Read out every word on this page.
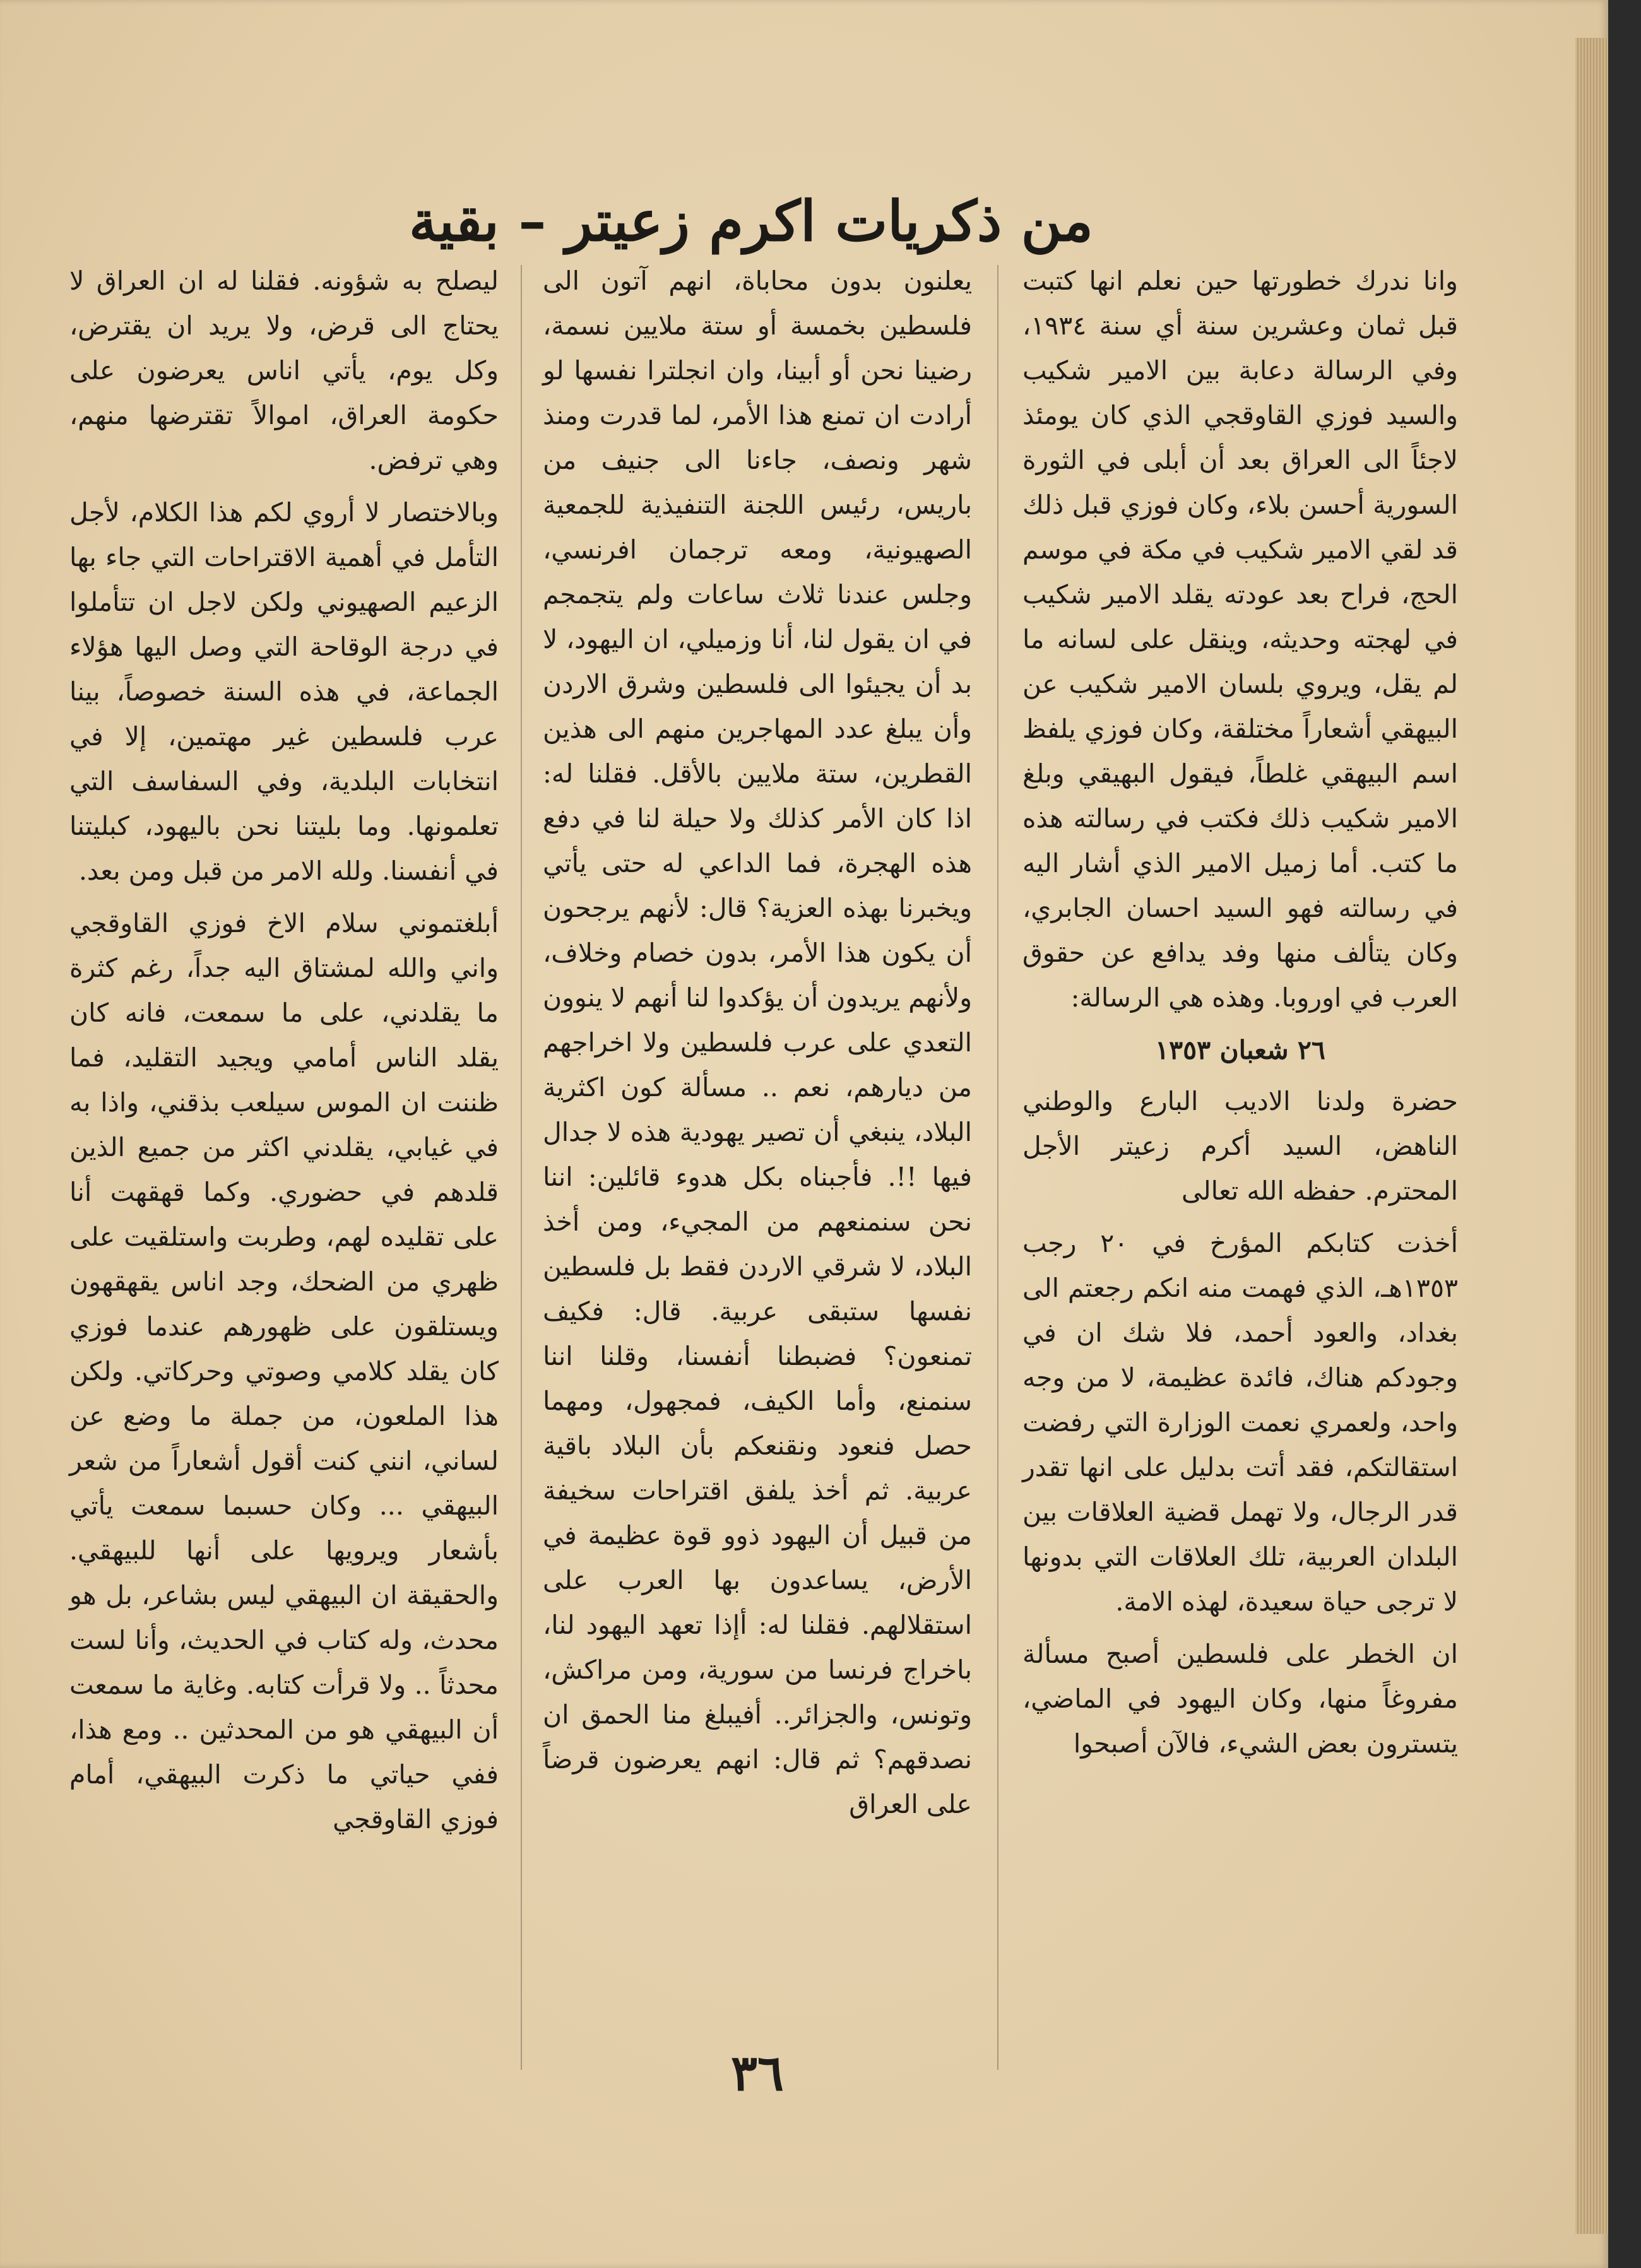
من ذكريات اكرم زعيتر – بقية

وانا ندرك خطورتها حين نعلم انها كتبت قبل ثمان وعشرين سنة أي سنة ١٩٣٤، وفي الرسالة دعابة بين الامير شكيب والسيد فوزي القاوقجي الذي كان يومئذ لاجئاً الى العراق بعد أن أبلى في الثورة السورية أحسن بلاء، وكان فوزي قبل ذلك قد لقي الامير شكيب في مكة في موسم الحج، فراح بعد عودته يقلد الامير شكيب في لهجته وحديثه، وينقل على لسانه ما لم يقل، ويروي بلسان الامير شكيب عن البيهقي أشعاراً مختلقة، وكان فوزي يلفظ اسم البيهقي غلطاً، فيقول البهيقي وبلغ الامير شكيب ذلك فكتب في رسالته هذه ما كتب. أما زميل الامير الذي أشار اليه في رسالته فهو السيد احسان الجابري، وكان يتألف منها وفد يدافع عن حقوق العرب في اوروبا. وهذه هي الرسالة:

٢٦ شعبان ١٣٥٣

حضرة ولدنا الاديب البارع والوطني الناهض، السيد أكرم زعيتر الأجل المحترم. حفظه الله تعالى

أخذت كتابكم المؤرخ في ٢٠ رجب ١٣٥٣هـ، الذي فهمت منه انكم رجعتم الى بغداد، والعود أحمد، فلا شك ان في وجودكم هناك، فائدة عظيمة، لا من وجه واحد، ولعمري نعمت الوزارة التي رفضت استقالتكم، فقد أتت بدليل على انها تقدر قدر الرجال، ولا تهمل قضية العلاقات بين البلدان العربية، تلك العلاقات التي بدونها لا ترجى حياة سعيدة، لهذه الامة.

ان الخطر على فلسطين أصبح مسألة مفروغاً منها، وكان اليهود في الماضي، يتسترون بعض الشيء، فالآن أصبحوا

يعلنون بدون محاباة، انهم آتون الى فلسطين بخمسة أو ستة ملايين نسمة، رضينا نحن أو أبينا، وان انجلترا نفسها لو أرادت ان تمنع هذا الأمر، لما قدرت ومنذ شهر ونصف، جاءنا الى جنيف من باريس، رئيس اللجنة التنفيذية للجمعية الصهيونية، ومعه ترجمان افرنسي، وجلس عندنا ثلاث ساعات ولم يتجمجم في ان يقول لنا، أنا وزميلي، ان اليهود، لا بد أن يجيئوا الى فلسطين وشرق الاردن وأن يبلغ عدد المهاجرين منهم الى هذين القطرين، ستة ملايين بالأقل. فقلنا له: اذا كان الأمر كذلك ولا حيلة لنا في دفع هذه الهجرة، فما الداعي له حتى يأتي ويخبرنا بهذه العزية؟ قال: لأنهم يرجحون أن يكون هذا الأمر، بدون خصام وخلاف، ولأنهم يريدون أن يؤكدوا لنا أنهم لا ينوون التعدي على عرب فلسطين ولا اخراجهم من ديارهم، نعم .. مسألة كون اكثرية البلاد، ينبغي أن تصير يهودية هذه لا جدال فيها !!. فأجبناه بكل هدوء قائلين: اننا نحن سنمنعهم من المجيء، ومن أخذ البلاد، لا شرقي الاردن فقط بل فلسطين نفسها ستبقى عربية. قال: فكيف تمنعون؟ فضبطنا أنفسنا، وقلنا اننا سنمنع، وأما الكيف، فمجهول، ومهما حصل فنعود ونقنعكم بأن البلاد باقية عربية. ثم أخذ يلفق اقتراحات سخيفة من قبيل أن اليهود ذوو قوة عظيمة في الأرض، يساعدون بها العرب على استقلالهم. فقلنا له: أإذا تعهد اليهود لنا، باخراج فرنسا من سورية، ومن مراكش، وتونس، والجزائر.. أفيبلغ منا الحمق ان نصدقهم؟ ثم قال: انهم يعرضون قرضاً على العراق

ليصلح به شؤونه. فقلنا له ان العراق لا يحتاج الى قرض، ولا يريد ان يقترض، وكل يوم، يأتي اناس يعرضون على حكومة العراق، اموالاً تقترضها منهم، وهي ترفض.

وبالاختصار لا أروي لكم هذا الكلام، لأجل التأمل في أهمية الاقتراحات التي جاء بها الزعيم الصهيوني ولكن لاجل ان تتأملوا في درجة الوقاحة التي وصل اليها هؤلاء الجماعة، في هذه السنة خصوصاً، بينا عرب فلسطين غير مهتمين، إلا في انتخابات البلدية، وفي السفاسف التي تعلمونها. وما بليتنا نحن باليهود، كبليتنا في أنفسنا. ولله الامر من قبل ومن بعد.

أبلغتموني سلام الاخ فوزي القاوقجي واني والله لمشتاق اليه جداً، رغم كثرة ما يقلدني، على ما سمعت، فانه كان يقلد الناس أمامي ويجيد التقليد، فما ظننت ان الموس سيلعب بذقني، واذا به في غيابي، يقلدني اكثر من جميع الذين قلدهم في حضوري. وكما قهقهت أنا على تقليده لهم، وطربت واستلقيت على ظهري من الضحك، وجد اناس يقهقهون ويستلقون على ظهورهم عندما فوزي كان يقلد كلامي وصوتي وحركاتي. ولكن هذا الملعون، من جملة ما وضع عن لساني، انني كنت أقول أشعاراً من شعر البيهقي ... وكان حسبما سمعت يأتي بأشعار ويرويها على أنها للبيهقي. والحقيقة ان البيهقي ليس بشاعر، بل هو محدث، وله كتاب في الحديث، وأنا لست محدثاً .. ولا قرأت كتابه. وغاية ما سمعت أن البيهقي هو من المحدثين .. ومع هذا، ففي حياتي ما ذكرت البيهقي، أمام فوزي القاوقجي

٣٦
